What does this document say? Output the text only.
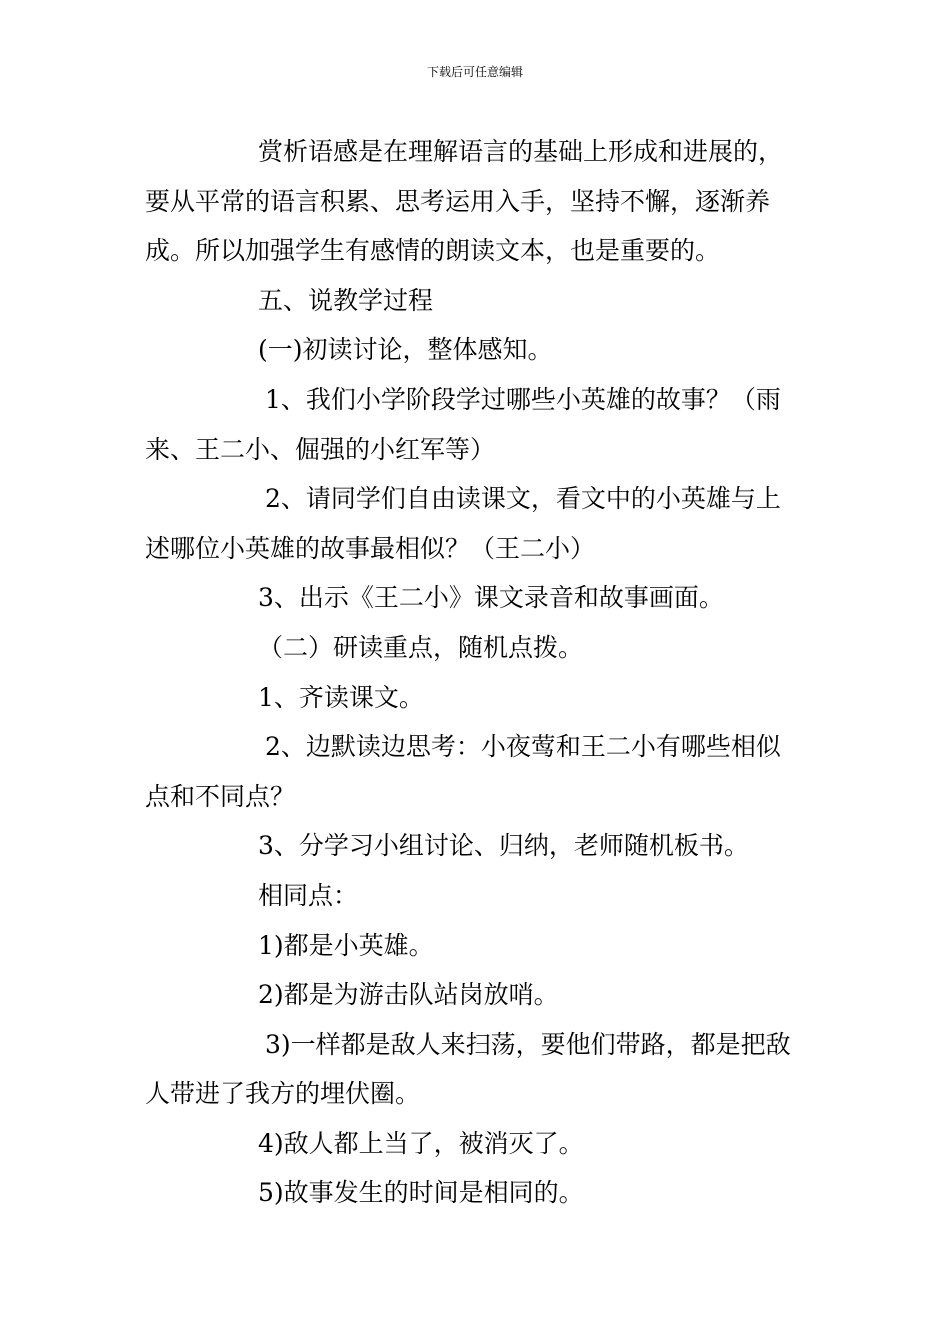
下载后可任意编辑

赏析语感是在理解语言的基础上形成和进展的，

要从平常的语言积累、思考运用入手，坚持不懈，逐渐养

成。所以加强学生有感情的朗读文本，也是重要的。

五、说教学过程

(一)初读讨论，整体感知。

1、我们小学阶段学过哪些小英雄的故事？（雨

来、王二小、倔强的小红军等）

2、请同学们自由读课文，看文中的小英雄与上

述哪位小英雄的故事最相似？（王二小）

3、出示《王二小》课文录音和故事画面。

（二）研读重点，随机点拨。

1、齐读课文。

2、边默读边思考：小夜莺和王二小有哪些相似

点和不同点？

3、分学习小组讨论、归纳，老师随机板书。

相同点：

1)都是小英雄。

2)都是为游击队站岗放哨。

3)一样都是敌人来扫荡，要他们带路，都是把敌

人带进了我方的埋伏圈。

4)敌人都上当了，被消灭了。

5)故事发生的时间是相同的。
